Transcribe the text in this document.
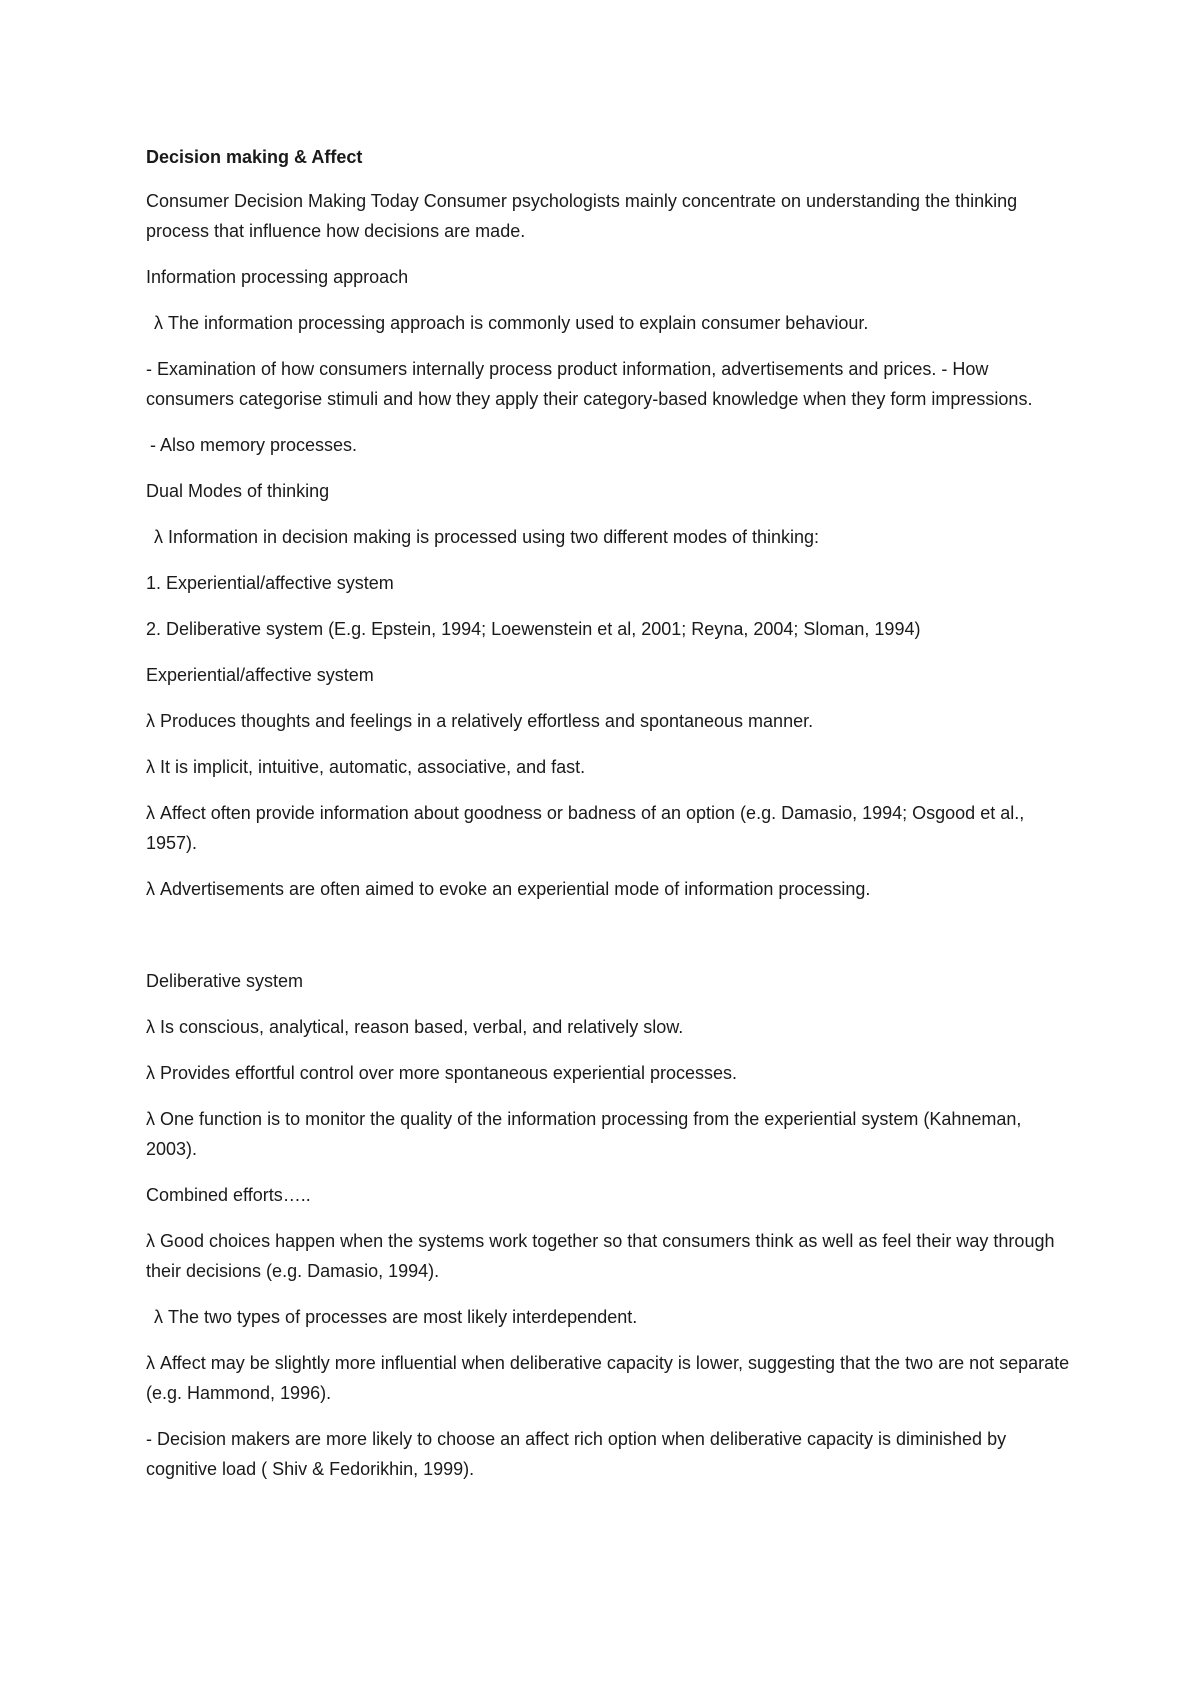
Decision making & Affect

Consumer Decision Making Today Consumer psychologists mainly concentrate on understanding the thinking process that influence how decisions are made.

Information processing approach

λ The information processing approach is commonly used to explain consumer behaviour.

- Examination of how consumers internally process product information, advertisements and prices. - How consumers categorise stimuli and how they apply their category-based knowledge when they form impressions.

- Also memory processes.

Dual Modes of thinking

λ Information in decision making is processed using two different modes of thinking:

1. Experiential/affective system

2. Deliberative system (E.g. Epstein, 1994; Loewenstein et al, 2001; Reyna, 2004; Sloman, 1994)

Experiential/affective system

λ Produces thoughts and feelings in a relatively effortless and spontaneous manner.

λ It is implicit, intuitive, automatic, associative, and fast.

λ Affect often provide information about goodness or badness of an option (e.g. Damasio, 1994; Osgood et al., 1957).

λ Advertisements are often aimed to evoke an experiential mode of information processing.

Deliberative system

λ Is conscious, analytical, reason based, verbal, and relatively slow.

λ Provides effortful control over more spontaneous experiential processes.

λ One function is to monitor the quality of the information processing from the experiential system (Kahneman, 2003).

Combined efforts…..

λ Good choices happen when the systems work together so that consumers think as well as feel their way through their decisions (e.g. Damasio, 1994).

λ The two types of processes are most likely interdependent.

λ Affect may be slightly more influential when deliberative capacity is lower, suggesting that the two are not separate (e.g. Hammond, 1996).

- Decision makers are more likely to choose an affect rich option when deliberative capacity is diminished by cognitive load ( Shiv & Fedorikhin, 1999).
